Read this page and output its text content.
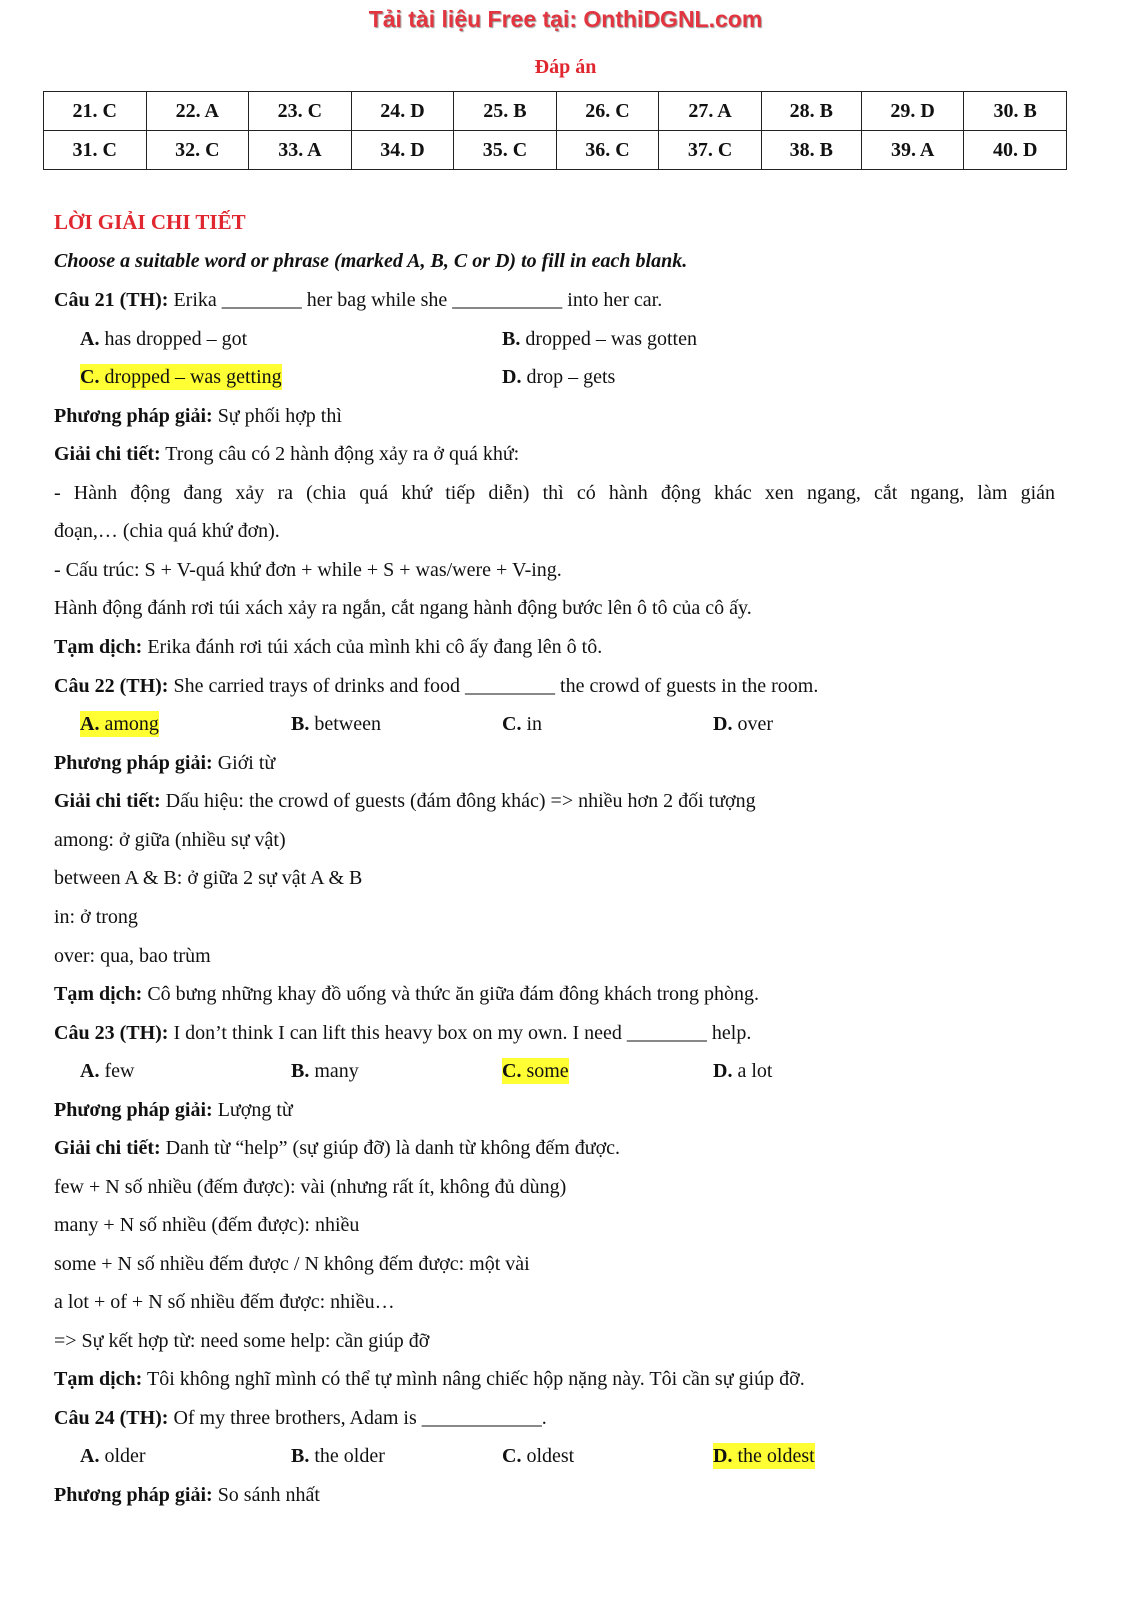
Tải tài liệu Free tại: OnthiDGNL.com
Đáp án
21. C	22. A	23. C	24. D	25. B	26. C	27. A	28. B	29. D	30. B
31. C	32. C	33. A	34. D	35. C	36. C	37. C	38. B	39. A	40. D
LỜI GIẢI CHI TIẾT
Choose a suitable word or phrase (marked A, B, C or D) to fill in each blank.
Câu 21 (TH): Erika ________ her bag while she ___________ into her car.
A. has dropped – got	B. dropped – was gotten
C. dropped – was getting	D. drop – gets
Phương pháp giải: Sự phối hợp thì
Giải chi tiết: Trong câu có 2 hành động xảy ra ở quá khứ:
- Hành động đang xảy ra (chia quá khứ tiếp diễn) thì có hành động khác xen ngang, cắt ngang, làm gián
đoạn,… (chia quá khứ đơn).
- Cấu trúc: S + V-quá khứ đơn + while + S + was/were + V-ing.
Hành động đánh rơi túi xách xảy ra ngắn, cắt ngang hành động bước lên ô tô của cô ấy.
Tạm dịch: Erika đánh rơi túi xách của mình khi cô ấy đang lên ô tô.
Câu 22 (TH): She carried trays of drinks and food _________ the crowd of guests in the room.
A. among	B. between	C. in	D. over
Phương pháp giải: Giới từ
Giải chi tiết: Dấu hiệu: the crowd of guests (đám đông khác) => nhiều hơn 2 đối tượng
among: ở giữa (nhiều sự vật)
between A & B: ở giữa 2 sự vật A & B
in: ở trong
over: qua, bao trùm
Tạm dịch: Cô bưng những khay đồ uống và thức ăn giữa đám đông khách trong phòng.
Câu 23 (TH): I don’t think I can lift this heavy box on my own. I need ________ help.
A. few	B. many	C. some	D. a lot
Phương pháp giải: Lượng từ
Giải chi tiết: Danh từ “help” (sự giúp đỡ) là danh từ không đếm được.
few + N số nhiều (đếm được): vài (nhưng rất ít, không đủ dùng)
many + N số nhiều (đếm được): nhiều
some + N số nhiều đếm được / N không đếm được: một vài
a lot + of + N số nhiều đếm được: nhiều…
=> Sự kết hợp từ: need some help: cần giúp đỡ
Tạm dịch: Tôi không nghĩ mình có thể tự mình nâng chiếc hộp nặng này. Tôi cần sự giúp đỡ.
Câu 24 (TH): Of my three brothers, Adam is ____________.
A. older	B. the older	C. oldest	D. the oldest
Phương pháp giải: So sánh nhất
